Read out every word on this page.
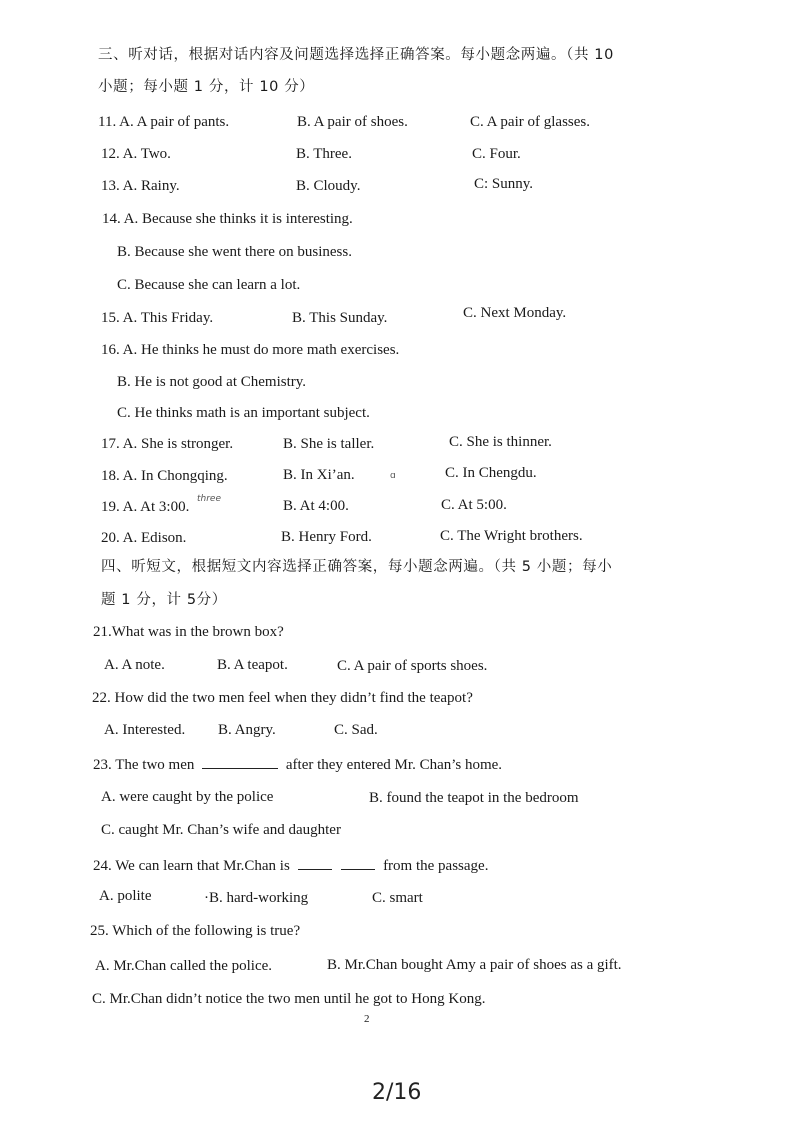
三、听对话，根据对话内容及问题选择选择正确答案。每小题念两遍。（共 10
小题；每小题 1 分，计 10 分）
11. A. A pair of pants.	B. A pair of shoes.	C. A pair of glasses.
12. A. Two.	B. Three.	C. Four.
13. A. Rainy.	B. Cloudy.	C: Sunny.
14. A. Because she thinks it is interesting.
B. Because she went there on business.
C. Because she can learn a lot.
15. A. This Friday.	B. This Sunday.	C. Next Monday.
16. A. He thinks he must do more math exercises.
B. He is not good at Chemistry.
C. He thinks math is an important subject.
17. A. She is stronger.	B. She is taller.	C. She is thinner.
18. A. In Chongqing.	B. In Xi’an.	ɑ	C. In Chengdu.
19. A. At 3:00. three	B. At 4:00.	C. At 5:00.
20. A. Edison.	B. Henry Ford.	C. The Wright brothers.
四、听短文，根据短文内容选择正确答案，每小题念两遍。（共 5 小题；每小
题 1 分，计 5分）
21.What was in the brown box?
A. A note.	B. A teapot.	C. A pair of sports shoes.
22. How did the two men feel when they didn’t find the teapot?
A. Interested. B. Angry.	C. Sad.
23. The two men	after they entered Mr. Chan’s home.
A. were caught by the police	B. found the teapot in the bedroom
C. caught Mr. Chan’s wife and daughter
24. We can learn that Mr.Chan is	from the passage.
A. polite	·B. hard-working	C. smart
25. Which of the following is true?
A. Mr.Chan called the police.	B. Mr.Chan bought Amy a pair of shoes as a gift.
C. Mr.Chan didn’t notice the two men until he got to Hong Kong.
2
2/16
